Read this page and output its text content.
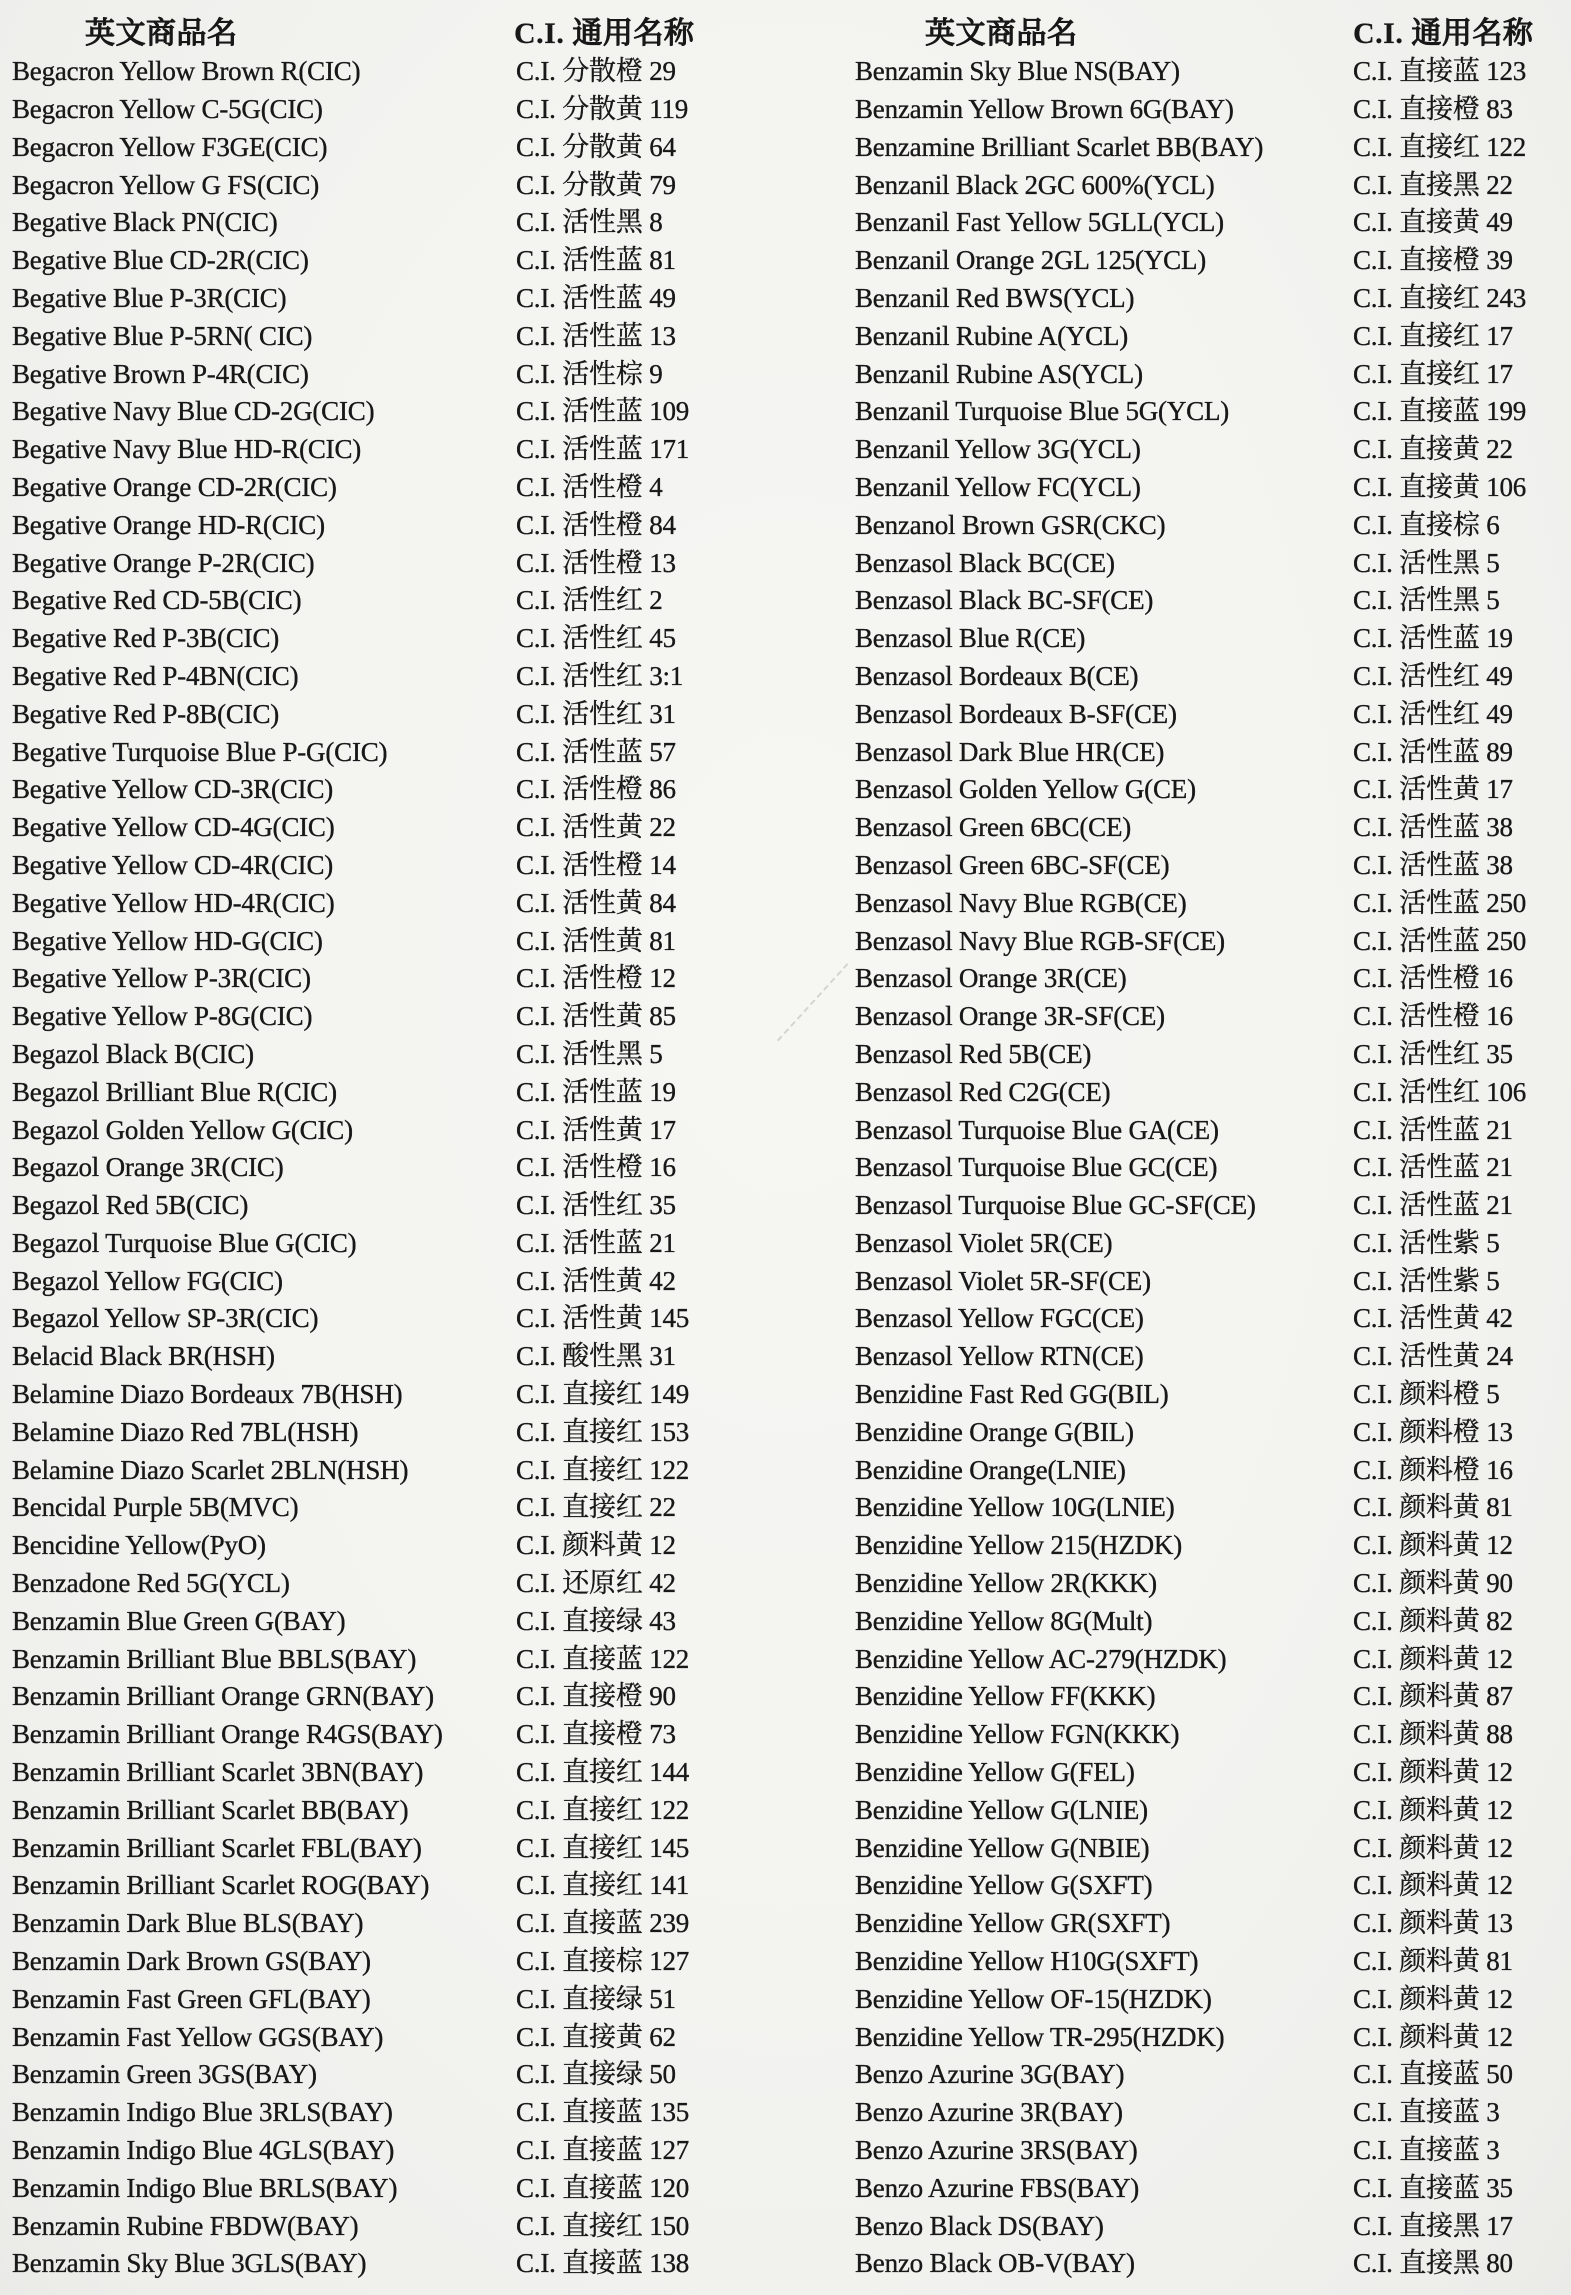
英文商品名	C.I. 通用名称	英文商品名	C.I. 通用名称
Begacron Yellow Brown R(CIC)	C.I. 分散橙 29	Benzamin Sky Blue NS(BAY)	C.I. 直接蓝 123
Begacron Yellow C-5G(CIC)	C.I. 分散黄 119	Benzamin Yellow Brown 6G(BAY)	C.I. 直接橙 83
Begacron Yellow F3GE(CIC)	C.I. 分散黄 64	Benzamine Brilliant Scarlet BB(BAY)	C.I. 直接红 122
Begacron Yellow G FS(CIC)	C.I. 分散黄 79	Benzanil Black 2GC 600%(YCL)	C.I. 直接黑 22
Begative Black PN(CIC)	C.I. 活性黑 8	Benzanil Fast Yellow 5GLL(YCL)	C.I. 直接黄 49
Begative Blue CD-2R(CIC)	C.I. 活性蓝 81	Benzanil Orange 2GL 125(YCL)	C.I. 直接橙 39
Begative Blue P-3R(CIC)	C.I. 活性蓝 49	Benzanil Red BWS(YCL)	C.I. 直接红 243
Begative Blue P-5RN( CIC)	C.I. 活性蓝 13	Benzanil Rubine A(YCL)	C.I. 直接红 17
Begative Brown P-4R(CIC)	C.I. 活性棕 9	Benzanil Rubine AS(YCL)	C.I. 直接红 17
Begative Navy Blue CD-2G(CIC)	C.I. 活性蓝 109	Benzanil Turquoise Blue 5G(YCL)	C.I. 直接蓝 199
Begative Navy Blue HD-R(CIC)	C.I. 活性蓝 171	Benzanil Yellow 3G(YCL)	C.I. 直接黄 22
Begative Orange CD-2R(CIC)	C.I. 活性橙 4	Benzanil Yellow FC(YCL)	C.I. 直接黄 106
Begative Orange HD-R(CIC)	C.I. 活性橙 84	Benzanol Brown GSR(CKC)	C.I. 直接棕 6
Begative Orange P-2R(CIC)	C.I. 活性橙 13	Benzasol Black BC(CE)	C.I. 活性黑 5
Begative Red CD-5B(CIC)	C.I. 活性红 2	Benzasol Black BC-SF(CE)	C.I. 活性黑 5
Begative Red P-3B(CIC)	C.I. 活性红 45	Benzasol Blue R(CE)	C.I. 活性蓝 19
Begative Red P-4BN(CIC)	C.I. 活性红 3:1	Benzasol Bordeaux B(CE)	C.I. 活性红 49
Begative Red P-8B(CIC)	C.I. 活性红 31	Benzasol Bordeaux B-SF(CE)	C.I. 活性红 49
Begative Turquoise Blue P-G(CIC)	C.I. 活性蓝 57	Benzasol Dark Blue HR(CE)	C.I. 活性蓝 89
Begative Yellow CD-3R(CIC)	C.I. 活性橙 86	Benzasol Golden Yellow G(CE)	C.I. 活性黄 17
Begative Yellow CD-4G(CIC)	C.I. 活性黄 22	Benzasol Green 6BC(CE)	C.I. 活性蓝 38
Begative Yellow CD-4R(CIC)	C.I. 活性橙 14	Benzasol Green 6BC-SF(CE)	C.I. 活性蓝 38
Begative Yellow HD-4R(CIC)	C.I. 活性黄 84	Benzasol Navy Blue RGB(CE)	C.I. 活性蓝 250
Begative Yellow HD-G(CIC)	C.I. 活性黄 81	Benzasol Navy Blue RGB-SF(CE)	C.I. 活性蓝 250
Begative Yellow P-3R(CIC)	C.I. 活性橙 12	Benzasol Orange 3R(CE)	C.I. 活性橙 16
Begative Yellow P-8G(CIC)	C.I. 活性黄 85	Benzasol Orange 3R-SF(CE)	C.I. 活性橙 16
Begazol Black B(CIC)	C.I. 活性黑 5	Benzasol Red 5B(CE)	C.I. 活性红 35
Begazol Brilliant Blue R(CIC)	C.I. 活性蓝 19	Benzasol Red C2G(CE)	C.I. 活性红 106
Begazol Golden Yellow G(CIC)	C.I. 活性黄 17	Benzasol Turquoise Blue GA(CE)	C.I. 活性蓝 21
Begazol Orange 3R(CIC)	C.I. 活性橙 16	Benzasol Turquoise Blue GC(CE)	C.I. 活性蓝 21
Begazol Red 5B(CIC)	C.I. 活性红 35	Benzasol Turquoise Blue GC-SF(CE)	C.I. 活性蓝 21
Begazol Turquoise Blue G(CIC)	C.I. 活性蓝 21	Benzasol Violet 5R(CE)	C.I. 活性紫 5
Begazol Yellow FG(CIC)	C.I. 活性黄 42	Benzasol Violet 5R-SF(CE)	C.I. 活性紫 5
Begazol Yellow SP-3R(CIC)	C.I. 活性黄 145	Benzasol Yellow FGC(CE)	C.I. 活性黄 42
Belacid Black BR(HSH)	C.I. 酸性黑 31	Benzasol Yellow RTN(CE)	C.I. 活性黄 24
Belamine Diazo Bordeaux 7B(HSH)	C.I. 直接红 149	Benzidine Fast Red GG(BIL)	C.I. 颜料橙 5
Belamine Diazo Red 7BL(HSH)	C.I. 直接红 153	Benzidine Orange G(BIL)	C.I. 颜料橙 13
Belamine Diazo Scarlet 2BLN(HSH)	C.I. 直接红 122	Benzidine Orange(LNIE)	C.I. 颜料橙 16
Bencidal Purple 5B(MVC)	C.I. 直接红 22	Benzidine Yellow 10G(LNIE)	C.I. 颜料黄 81
Bencidine Yellow(PyO)	C.I. 颜料黄 12	Benzidine Yellow 215(HZDK)	C.I. 颜料黄 12
Benzadone Red 5G(YCL)	C.I. 还原红 42	Benzidine Yellow 2R(KKK)	C.I. 颜料黄 90
Benzamin Blue Green G(BAY)	C.I. 直接绿 43	Benzidine Yellow 8G(Mult)	C.I. 颜料黄 82
Benzamin Brilliant Blue BBLS(BAY)	C.I. 直接蓝 122	Benzidine Yellow AC-279(HZDK)	C.I. 颜料黄 12
Benzamin Brilliant Orange GRN(BAY)	C.I. 直接橙 90	Benzidine Yellow FF(KKK)	C.I. 颜料黄 87
Benzamin Brilliant Orange R4GS(BAY)	C.I. 直接橙 73	Benzidine Yellow FGN(KKK)	C.I. 颜料黄 88
Benzamin Brilliant Scarlet 3BN(BAY)	C.I. 直接红 144	Benzidine Yellow G(FEL)	C.I. 颜料黄 12
Benzamin Brilliant Scarlet BB(BAY)	C.I. 直接红 122	Benzidine Yellow G(LNIE)	C.I. 颜料黄 12
Benzamin Brilliant Scarlet FBL(BAY)	C.I. 直接红 145	Benzidine Yellow G(NBIE)	C.I. 颜料黄 12
Benzamin Brilliant Scarlet ROG(BAY)	C.I. 直接红 141	Benzidine Yellow G(SXFT)	C.I. 颜料黄 12
Benzamin Dark Blue BLS(BAY)	C.I. 直接蓝 239	Benzidine Yellow GR(SXFT)	C.I. 颜料黄 13
Benzamin Dark Brown GS(BAY)	C.I. 直接棕 127	Benzidine Yellow H10G(SXFT)	C.I. 颜料黄 81
Benzamin Fast Green GFL(BAY)	C.I. 直接绿 51	Benzidine Yellow OF-15(HZDK)	C.I. 颜料黄 12
Benzamin Fast Yellow GGS(BAY)	C.I. 直接黄 62	Benzidine Yellow TR-295(HZDK)	C.I. 颜料黄 12
Benzamin Green 3GS(BAY)	C.I. 直接绿 50	Benzo Azurine 3G(BAY)	C.I. 直接蓝 50
Benzamin Indigo Blue 3RLS(BAY)	C.I. 直接蓝 135	Benzo Azurine 3R(BAY)	C.I. 直接蓝 3
Benzamin Indigo Blue 4GLS(BAY)	C.I. 直接蓝 127	Benzo Azurine 3RS(BAY)	C.I. 直接蓝 3
Benzamin Indigo Blue BRLS(BAY)	C.I. 直接蓝 120	Benzo Azurine FBS(BAY)	C.I. 直接蓝 35
Benzamin Rubine FBDW(BAY)	C.I. 直接红 150	Benzo Black DS(BAY)	C.I. 直接黑 17
Benzamin Sky Blue 3GLS(BAY)	C.I. 直接蓝 138	Benzo Black OB-V(BAY)	C.I. 直接黑 80
